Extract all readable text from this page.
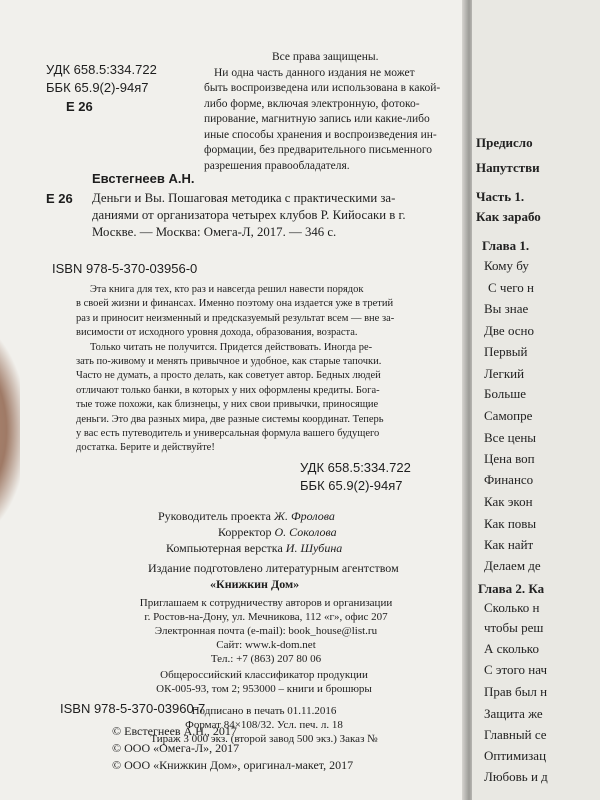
УДК 658.5:334.722
ББК 65.9(2)-94я7
Е 26

Все права защищены.

Ни одна часть данного издания не может

быть воспроизведена или использована в какой-

либо форме, включая электронную, фотоко-

пирование, магнитную запись или какие-либо

иные способы хранения и воспроизведения ин-

формации, без предварительного письменного

разрешения правообладателя.

Евстегнеев А.Н.
Е 26 Деньги и Вы. Пошаговая методика с практическими за-
даниями от организатора четырех клубов Р. Кийосаки в г.
Москве. — Москва: Омега-Л, 2017. — 346 с.
ISBN 978-5-370-03956-0

Эта книга для тех, кто раз и навсегда решил навести порядок

в своей жизни и финансах. Именно поэтому она издается уже в третий

раз и приносит неизменный и предсказуемый результат всем — вне за-

висимости от исходного уровня дохода, образования, возраста.

Только читать не получится. Придется действовать. Иногда ре-

зать по-живому и менять привычное и удобное, как старые тапочки.

Часто не думать, а просто делать, как советует автор. Бедных людей

отличают только банки, в которых у них оформлены кредиты. Бога-

тые тоже похожи, как близнецы, у них свои привычки, приносящие

деньги. Это два разных мира, две разные системы координат. Теперь

у вас есть путеводитель и универсальная формула вашего будущего

достатка. Берите и действуйте!

УДК 658.5:334.722
ББК 65.9(2)-94я7
Руководитель проекта Ж. Фролова
Корректор О. Соколова
Компьютерная верстка И. Шубина
Издание подготовлено литературным агентством
«Книжкин Дом»

Приглашаем к сотрудничеству авторов и организации

г. Ростов-на-Дону, ул. Мечникова, 112 «г», офис 207

Электронная почта (e-mail): book_house@list.ru

Сайт: www.k-dom.net

Тел.: +7 (863) 207 80 06

Общероссийский классификатор продукции

ОК-005-93, том 2; 953000 – книги и брошюры

Подписано в печать 01.11.2016

Формат 84×108/32. Усл. печ. л. 18

Тираж 3 000 экз. (второй завод 500 экз.) Заказ №

ISBN 978-5-370-03960-7
© Евстегнеев А.Н., 2017
© ООО «Омега-Л», 2017
© ООО «Книжкин Дом», оригинал-макет, 2017
Предисло
Напутстви
Часть 1.
Как зарабо
Глава 1.
Кому бу
С чего н
Вы знае
Две осно
Первый
Легкий
Больше
Самопре
Все цены
Цена воп
Финансо
Как экон
Как повы
Как найт
Делаем де
Глава 2. Ка
Сколько н
чтобы реш
А сколько
С этого нач
Прав был н
Защита же
Главный се
Оптимизац
Любовь и д
